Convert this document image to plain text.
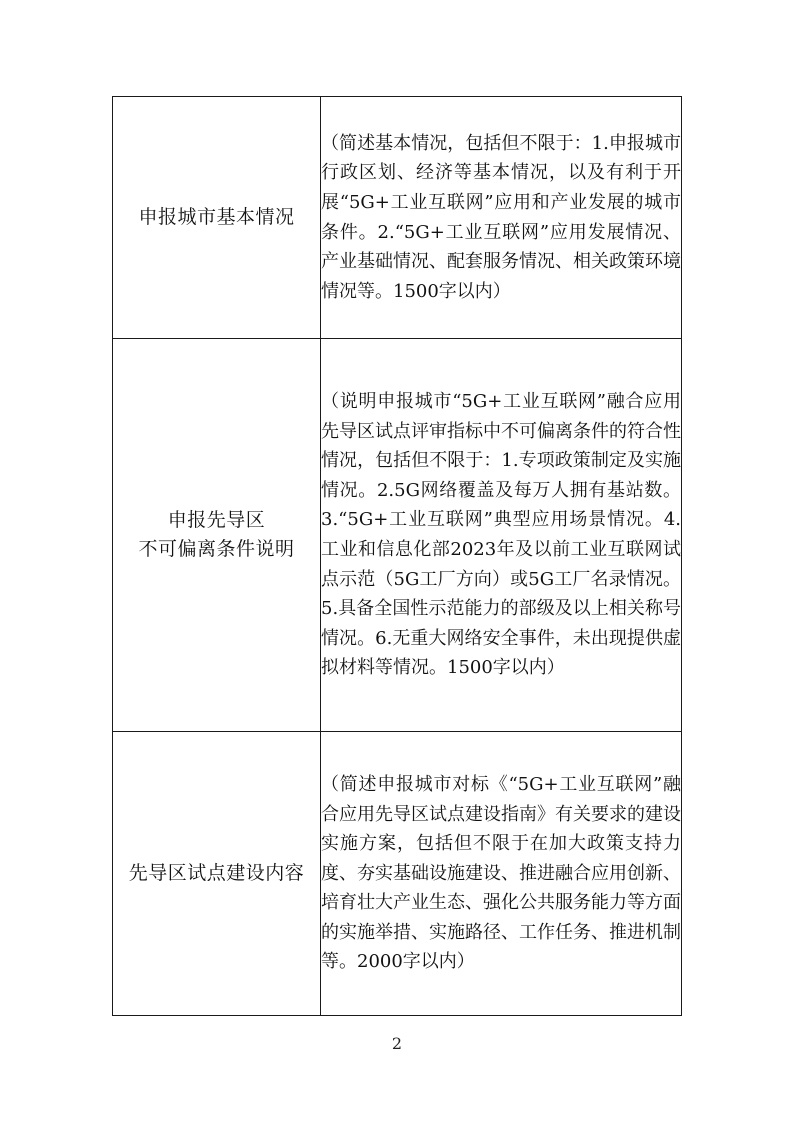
申报城市基本情况	（简述基本情况，包括但不限于：1.申报城市行政区划、经济等基本情况，以及有利于开展“5G+工业互联网”应用和产业发展的城市条件。2.“5G+工业互联网”应用发展情况、产业基础情况、配套服务情况、相关政策环境情况等。1500字以内）

申报先导区
不可偏离条件说明	（说明申报城市“5G+工业互联网”融合应用先导区试点评审指标中不可偏离条件的符合性情况，包括但不限于：1.专项政策制定及实施情况。2.5G网络覆盖及每万人拥有基站数。3.“5G+工业互联网”典型应用场景情况。4.工业和信息化部2023年及以前工业互联网试点示范（5G工厂方向）或5G工厂名录情况。5.具备全国性示范能力的部级及以上相关称号情况。6.无重大网络安全事件，未出现提供虚拟材料等情况。1500字以内）

先导区试点建设内容	（简述申报城市对标《“5G+工业互联网”融合应用先导区试点建设指南》有关要求的建设实施方案，包括但不限于在加大政策支持力度、夯实基础设施建设、推进融合应用创新、培育壮大产业生态、强化公共服务能力等方面的实施举措、实施路径、工作任务、推进机制等。2000字以内）
2
